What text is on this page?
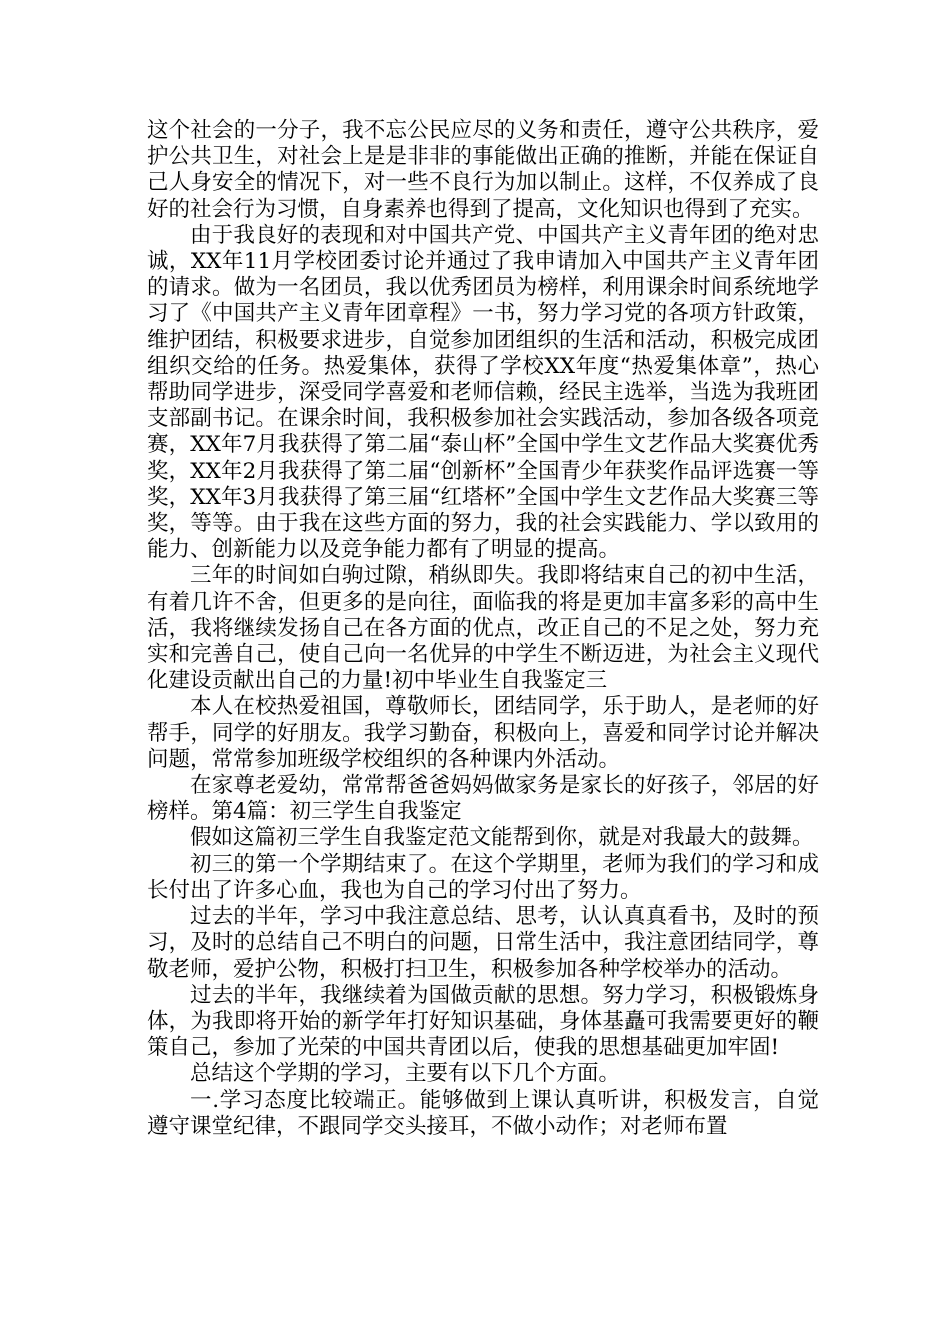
这个社会的一分子，我不忘公民应尽的义务和责任，遵守公共秩序，爱护公共卫生，对社会上是是非非的事能做出正确的推断，并能在保证自己人身安全的情况下，对一些不良行为加以制止。这样，不仅养成了良好的社会行为习惯，自身素养也得到了提高，文化知识也得到了充实。

由于我良好的表现和对中国共产党、中国共产主义青年团的绝对忠诚，XX年11月学校团委讨论并通过了我申请加入中国共产主义青年团的请求。做为一名团员，我以优秀团员为榜样，利用课余时间系统地学习了《中国共产主义青年团章程》一书，努力学习党的各项方针政策，维护团结，积极要求进步，自觉参加团组织的生活和活动，积极完成团组织交给的任务。热爱集体，获得了学校XX年度“热爱集体章”，热心帮助同学进步，深受同学喜爱和老师信赖，经民主选举，当选为我班团支部副书记。在课余时间，我积极参加社会实践活动，参加各级各项竞赛，XX年7月我获得了第二届“泰山杯”全国中学生文艺作品大奖赛优秀奖，XX年2月我获得了第二届“创新杯”全国青少年获奖作品评选赛一等奖，XX年3月我获得了第三届“红塔杯”全国中学生文艺作品大奖赛三等奖，等等。由于我在这些方面的努力，我的社会实践能力、学以致用的能力、创新能力以及竞争能力都有了明显的提高。

三年的时间如白驹过隙，稍纵即失。我即将结束自己的初中生活，有着几许不舍，但更多的是向往，面临我的将是更加丰富多彩的高中生活，我将继续发扬自己在各方面的优点，改正自己的不足之处，努力充实和完善自己，使自己向一名优异的中学生不断迈进，为社会主义现代化建设贡献出自己的力量!初中毕业生自我鉴定三

本人在校热爱祖国，尊敬师长，团结同学，乐于助人，是老师的好帮手，同学的好朋友。我学习勤奋，积极向上，喜爱和同学讨论并解决问题，常常参加班级学校组织的各种课内外活动。

在家尊老爱幼，常常帮爸爸妈妈做家务是家长的好孩子，邻居的好榜样。第4篇：初三学生自我鉴定

假如这篇初三学生自我鉴定范文能帮到你，就是对我最大的鼓舞。

初三的第一个学期结束了。在这个学期里，老师为我们的学习和成长付出了许多心血，我也为自己的学习付出了努力。

过去的半年，学习中我注意总结、思考，认认真真看书，及时的预习，及时的总结自己不明白的问题，日常生活中，我注意团结同学，尊敬老师，爱护公物，积极打扫卫生，积极参加各种学校举办的活动。

过去的半年，我继续着为国做贡献的思想。努力学习，积极锻炼身体，为我即将开始的新学年打好知识基础，身体基矗可我需要更好的鞭策自己，参加了光荣的中国共青团以后，使我的思想基础更加牢固!

总结这个学期的学习，主要有以下几个方面。

一.学习态度比较端正。能够做到上课认真听讲，积极发言，自觉遵守课堂纪律，不跟同学交头接耳，不做小动作；对老师布置
